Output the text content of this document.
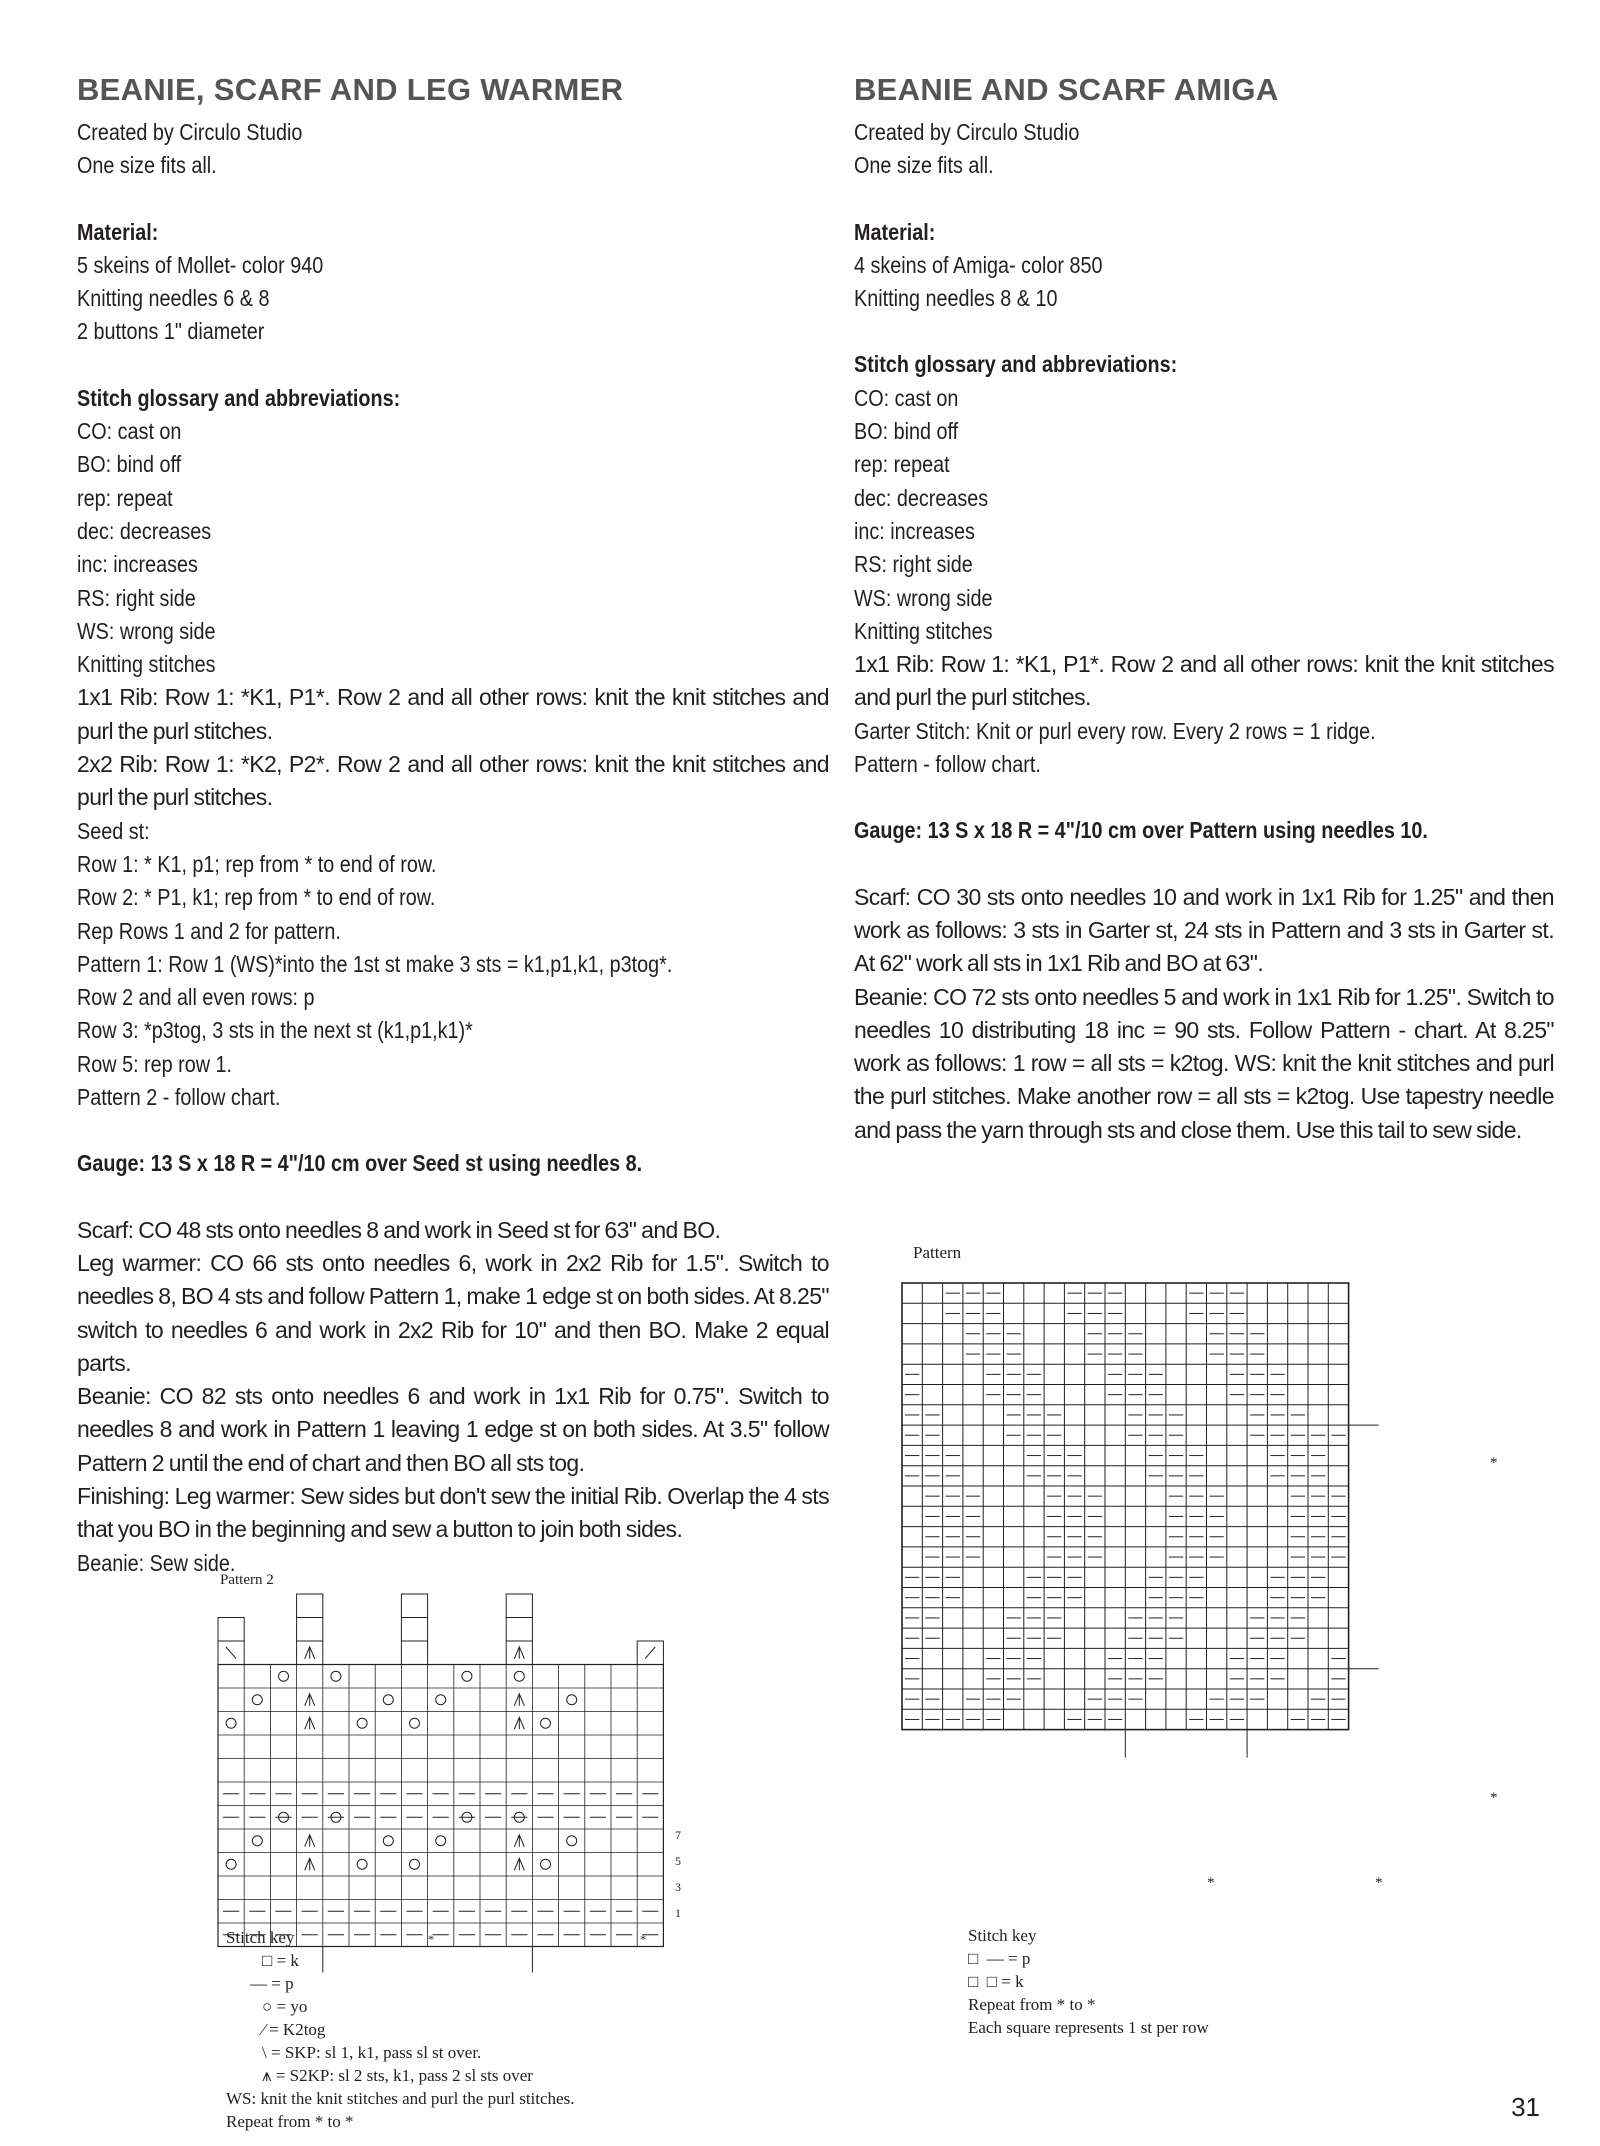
BEANIE, SCARF AND LEG WARMER
Created by Circulo Studio
One size fits all.
Material:
5 skeins of Mollet- color 940
Knitting needles 6 & 8
2 buttons 1" diameter
Stitch glossary and abbreviations:
CO: cast on
BO: bind off
rep: repeat
dec: decreases
inc: increases
RS: right side
WS: wrong side
Knitting stitches
1x1 Rib: Row 1: *K1, P1*. Row 2 and all other rows: knit the knit stitches and purl the purl stitches.
2x2 Rib: Row 1: *K2, P2*. Row 2 and all other rows: knit the knit stitches and purl the purl stitches.
Seed st:
Row 1: * K1, p1; rep from * to end of row.
Row 2: * P1, k1; rep from * to end of row.
Rep Rows 1 and 2 for pattern.
Pattern 1: Row 1 (WS)*into the 1st st make 3 sts = k1,p1,k1, p3tog*.
Row 2 and all even rows: p
Row 3: *p3tog, 3 sts in the next st (k1,p1,k1)*
Row 5: rep row 1.
Pattern 2 - follow chart.
Gauge: 13 S x 18 R = 4"/10 cm over Seed st using needles 8.
Scarf: CO 48 sts onto needles 8 and work in Seed st for 63" and BO.
Leg warmer: CO 66 sts onto needles 6, work in 2x2 Rib for 1.5". Switch to needles 8, BO 4 sts and follow Pattern 1, make 1 edge st on both sides. At 8.25" switch to needles 6 and work in 2x2 Rib for 10" and then BO. Make 2 equal parts.
Beanie: CO 82 sts onto needles 6 and work in 1x1 Rib for 0.75". Switch to needles 8 and work in Pattern 1 leaving 1 edge st on both sides. At 3.5" follow Pattern 2 until the end of chart and then BO all sts tog.
Finishing: Leg warmer: Sew sides but don't sew the initial Rib. Overlap the 4 sts that you BO in the beginning and sew a button to join both sides.
Beanie: Sew side.
BEANIE AND SCARF AMIGA
Created by Circulo Studio
One size fits all.
Material:
4 skeins of Amiga- color 850
Knitting needles 8 & 10
Stitch glossary and abbreviations:
CO: cast on
BO: bind off
rep: repeat
dec: decreases
inc: increases
RS: right side
WS: wrong side
Knitting stitches
1x1 Rib: Row 1: *K1, P1*. Row 2 and all other rows: knit the knit stitches and purl the purl stitches.
Garter Stitch: Knit or purl every row. Every 2 rows = 1 ridge.
Pattern - follow chart.
Gauge: 13 S x 18 R = 4"/10 cm over Pattern using needles 10.
Scarf: CO 30 sts onto needles 10 and work in 1x1 Rib for 1.25" and then work as follows: 3 sts in Garter st, 24 sts in Pattern and 3 sts in Garter st. At 62" work all sts in 1x1 Rib and BO at 63".
Beanie: CO 72 sts onto needles 5 and work in 1x1 Rib for 1.25". Switch to needles 10 distributing 18 inc = 90 sts. Follow Pattern - chart. At 8.25" work as follows: 1 row = all sts = k2tog. WS: knit the knit stitches and purl the purl stitches. Make another row = all sts = k2tog. Use tapestry needle and pass the yarn through sts and close them. Use this tail to sew side.
Pattern 2
7
5
3
1
*	*
Stitch key
□ = k
— = p
○ = yo
⁄ = K2tog
\ = SKP: sl 1, k1, pass sl st over.
⩚ = S2KP: sl 2 sts, k1, pass 2 sl sts over
WS: knit the knit stitches and purl the purl stitches.
Repeat from * to *
Pattern
*
*
*	*
Stitch key
□  — = p
□  □ = k
Repeat from * to *
Each square represents 1 st per row
31
